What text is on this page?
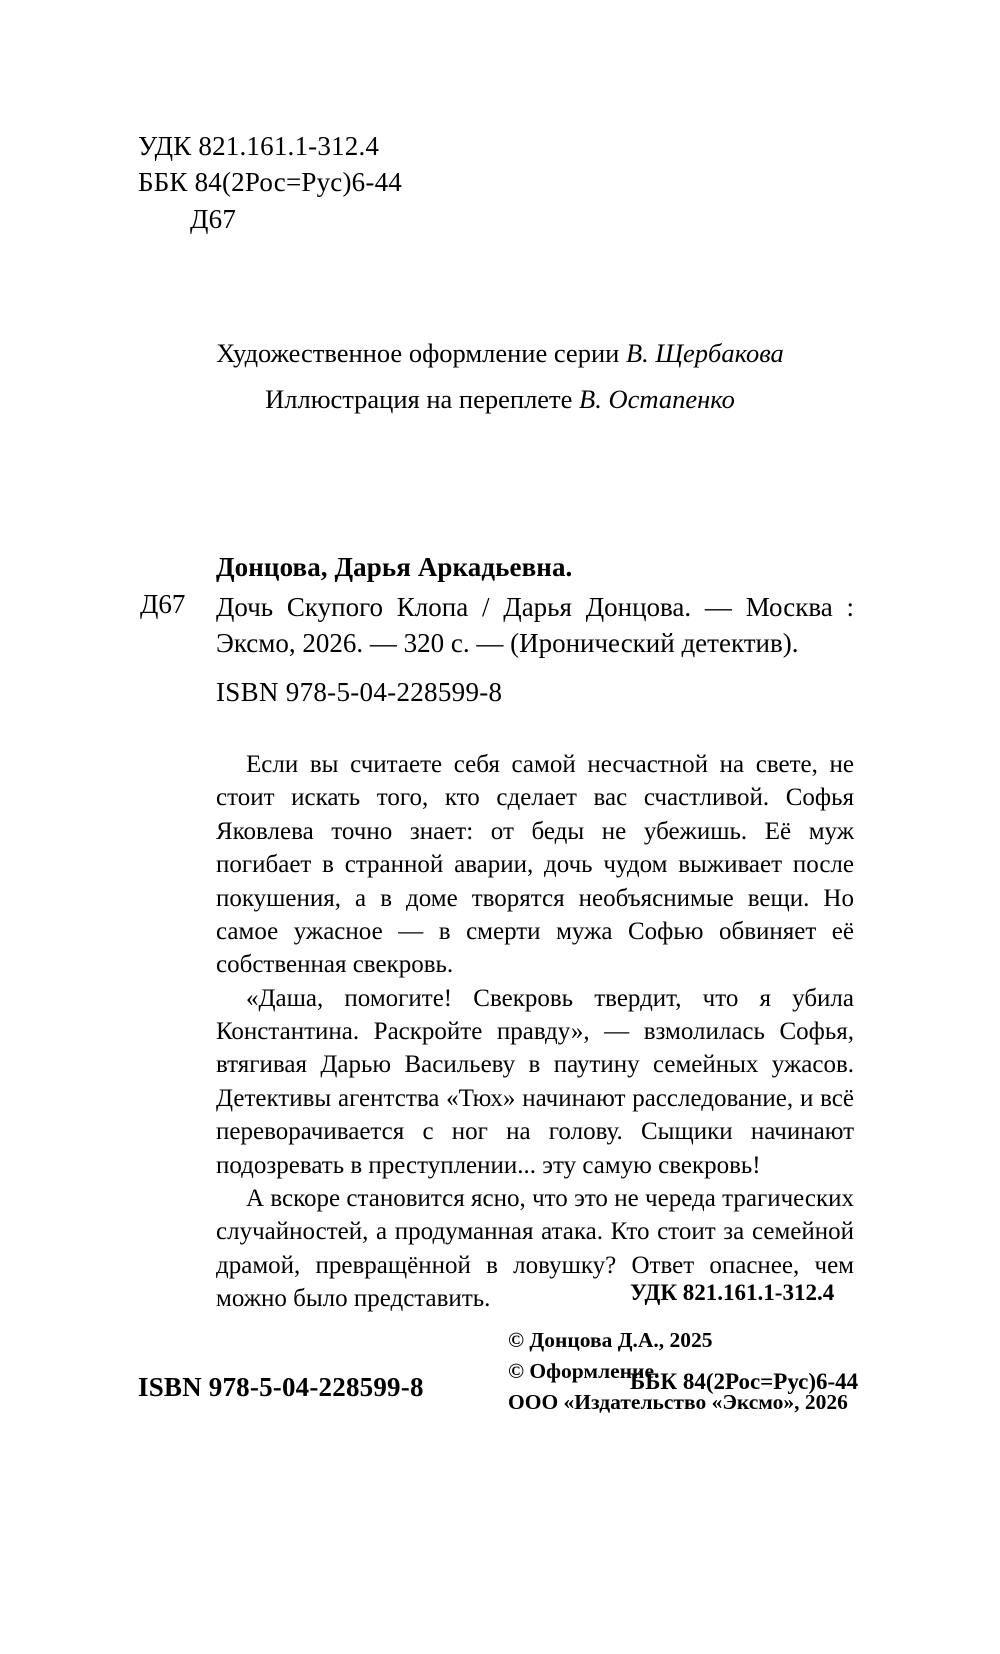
УДК 821.161.1-312.4
ББК 84(2Рос=Рус)6-44
Д67
Художественное оформление серии В. Щербакова
Иллюстрация на переплете В. Остапенко
Донцова, Дарья Аркадьевна.
Д67 Дочь Скупого Клопа / Дарья Донцова. — Москва : Эксмо, 2026. — 320 с. — (Иронический детектив).
ISBN 978-5-04-228599-8

Если вы считаете себя самой несчастной на свете, не стоит искать того, кто сделает вас счастливой. Софья Яковлева точно знает: от беды не убежишь. Её муж погибает в странной аварии, дочь чудом выживает после покушения, а в доме творятся необъяснимые вещи. Но самое ужасное — в смерти мужа Софью обвиняет её собственная свекровь.

«Даша, помогите! Свекровь твердит, что я убила Константина. Раскройте правду», — взмолилась Софья, втягивая Дарью Васильеву в паутину семейных ужасов. Детективы агентства «Тюх» начинают расследование, и всё переворачивается с ног на голову. Сыщики начинают подозревать в преступлении... эту самую свекровь!

А вскоре становится ясно, что это не череда трагических случайностей, а продуманная атака. Кто стоит за семейной драмой, превращённой в ловушку? Ответ опаснее, чем можно было представить.

	УДК 821.161.1-312.4

ББК 84(2Рос=Рус)6-44

© Донцова Д.А., 2025
© Оформление.
ООО «Издательство «Эксмо», 2026
ISBN 978-5-04-228599-8
